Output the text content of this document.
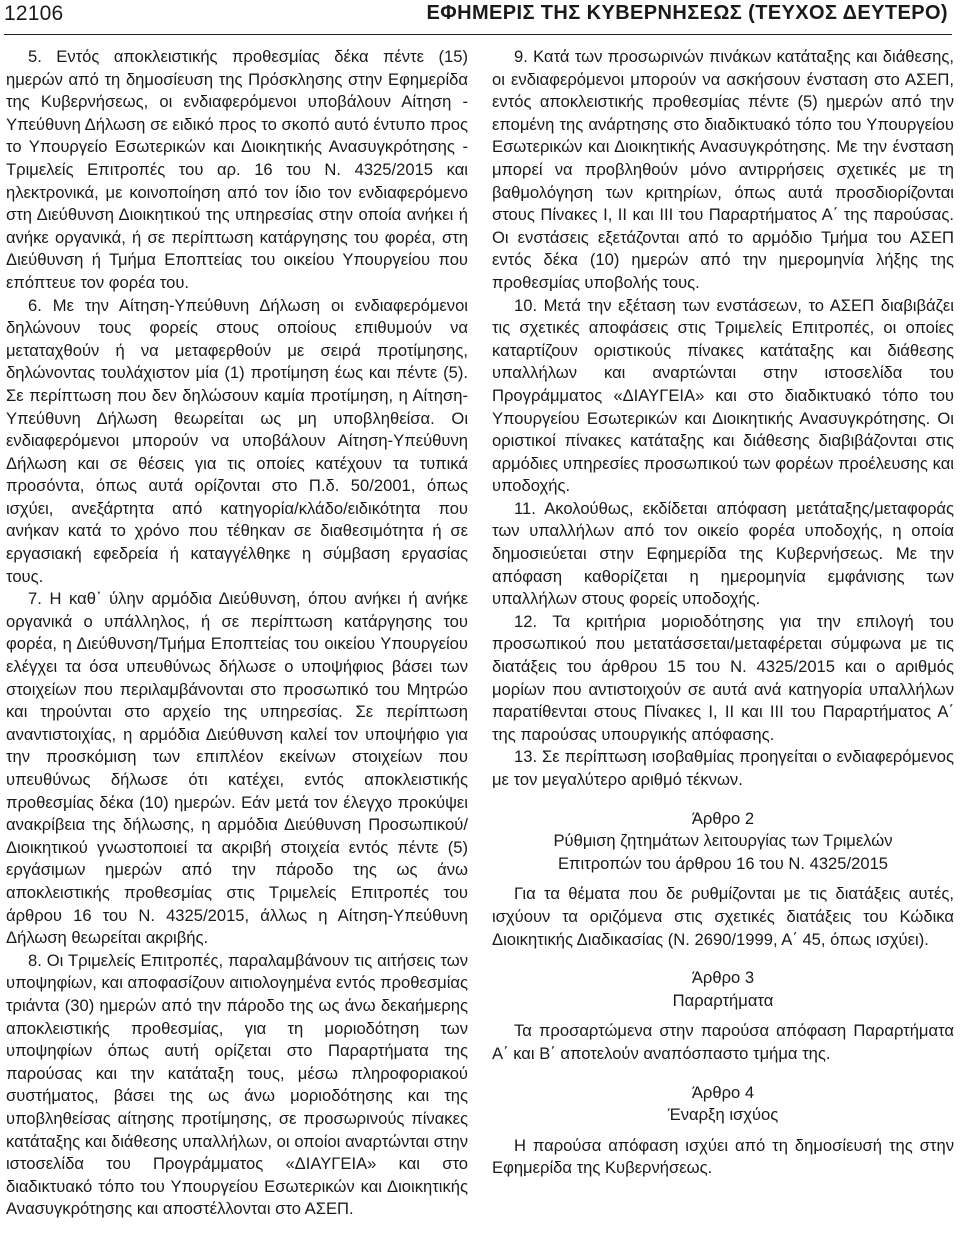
12106	ΕΦΗΜΕΡΙΣ ΤΗΣ ΚΥΒΕΡΝΗΣΕΩΣ (ΤΕΥΧΟΣ ΔΕΥΤΕΡΟ)

5. Εντός αποκλειστικής προθεσμίας δέκα πέντε (15) ημερών από τη δημοσίευση της Πρόσκλησης στην Εφημερίδα της Κυβερνήσεως, οι ενδιαφερόμενοι υποβάλουν Αίτηση - Υπεύθυνη Δήλωση σε ειδικό προς το σκοπό αυτό έντυπο προς το Υπουργείο Εσωτερικών και Διοικητικής Ανασυγκρότησης - Τριμελείς Επιτροπές του αρ. 16 του Ν. 4325/2015 και ηλεκτρονικά, με κοινοποίηση από τον ίδιο τον ενδιαφερόμενο στη Διεύθυνση Διοικητικού της υπηρεσίας στην οποία ανήκει ή ανήκε οργανικά, ή σε περίπτωση κατάργησης του φορέα, στη Διεύθυνση ή Τμήμα Εποπτείας του οικείου Υπουργείου που επόπτευε τον φορέα του.

6. Με την Αίτηση-Υπεύθυνη Δήλωση οι ενδιαφερόμενοι δηλώνουν τους φορείς στους οποίους επιθυμούν να μεταταχθούν ή να μεταφερθούν με σειρά προτίμησης, δηλώνοντας τουλάχιστον μία (1) προτίμηση έως και πέντε (5). Σε περίπτωση που δεν δηλώσουν καμία προτίμηση, η Αίτηση-Υπεύθυνη Δήλωση θεωρείται ως μη υποβληθείσα. Οι ενδιαφερόμενοι μπορούν να υποβάλουν Αίτηση-Υπεύθυνη Δήλωση και σε θέσεις για τις οποίες κατέχουν τα τυπικά προσόντα, όπως αυτά ορίζονται στο Π.δ. 50/2001, όπως ισχύει, ανεξάρτητα από κατηγορία/κλάδο/ειδικότητα που ανήκαν κατά το χρόνο που τέθηκαν σε διαθεσιμότητα ή σε εργασιακή εφεδρεία ή καταγγέλθηκε η σύμβαση εργασίας τους.

7. Η καθ᾽ ύλην αρμόδια Διεύθυνση, όπου ανήκει ή ανήκε οργανικά ο υπάλληλος, ή σε περίπτωση κατάργησης του φορέα, η Διεύθυνση/Τμήμα Εποπτείας του οικείου Υπουργείου ελέγχει τα όσα υπευθύνως δήλωσε ο υποψήφιος βάσει των στοιχείων που περιλαμβάνονται στο προσωπικό του Μητρώο και τηρούνται στο αρχείο της υπηρεσίας. Σε περίπτωση αναντιστοιχίας, η αρμόδια Διεύθυνση καλεί τον υποψήφιο για την προσκόμιση των επιπλέον εκείνων στοιχείων που υπευθύνως δήλωσε ότι κατέχει, εντός αποκλειστικής προθεσμίας δέκα (10) ημερών. Εάν μετά τον έλεγχο προκύψει ανακρίβεια της δήλωσης, η αρμόδια Διεύθυνση Προσωπικού/Διοικητικού γνωστοποιεί τα ακριβή στοιχεία εντός πέντε (5) εργάσιμων ημερών από την πάροδο της ως άνω αποκλειστικής προθεσμίας στις Τριμελείς Επιτροπές του άρθρου 16 του Ν. 4325/2015, άλλως η Αίτηση-Υπεύθυνη Δήλωση θεωρείται ακριβής.

8. Οι Τριμελείς Επιτροπές, παραλαμβάνουν τις αιτήσεις των υποψηφίων, και αποφασίζουν αιτιολογημένα εντός προθεσμίας τριάντα (30) ημερών από την πάροδο της ως άνω δεκαήμερης αποκλειστικής προθεσμίας, για τη μοριοδότηση των υποψηφίων όπως αυτή ορίζεται στο Παραρτήματα της παρούσας και την κατάταξη τους, μέσω πληροφοριακού συστήματος, βάσει της ως άνω μοριοδότησης και της υποβληθείσας αίτησης προτίμησης, σε προσωρινούς πίνακες κατάταξης και διάθεσης υπαλλήλων, οι οποίοι αναρτώνται στην ιστοσελίδα του Προγράμματος «ΔΙΑΥΓΕΙΑ» και στο διαδικτυακό τόπο του Υπουργείου Εσωτερικών και Διοικητικής Ανασυγκρότησης και αποστέλλονται στο ΑΣΕΠ.

9. Κατά των προσωρινών πινάκων κατάταξης και διάθεσης, οι ενδιαφερόμενοι μπορούν να ασκήσουν ένσταση στο ΑΣΕΠ, εντός αποκλειστικής προθεσμίας πέντε (5) ημερών από την επομένη της ανάρτησης στο διαδικτυακό τόπο του Υπουργείου Εσωτερικών και Διοικητικής Ανασυγκρότησης. Με την ένσταση μπορεί να προβληθούν μόνο αντιρρήσεις σχετικές με τη βαθμολόγηση των κριτηρίων, όπως αυτά προσδιορίζονται στους Πίνακες Ι, ΙΙ και ΙΙΙ του Παραρτήματος Α΄ της παρούσας. Οι ενστάσεις εξετάζονται από το αρμόδιο Τμήμα του ΑΣΕΠ εντός δέκα (10) ημερών από την ημερομηνία λήξης της προθεσμίας υποβολής τους.

10. Μετά την εξέταση των ενστάσεων, το ΑΣΕΠ διαβιβάζει τις σχετικές αποφάσεις στις Τριμελείς Επιτροπές, οι οποίες καταρτίζουν οριστικούς πίνακες κατάταξης και διάθεσης υπαλλήλων και αναρτώνται στην ιστοσελίδα του Προγράμματος «ΔΙΑΥΓΕΙΑ» και στο διαδικτυακό τόπο του Υπουργείου Εσωτερικών και Διοικητικής Ανασυγκρότησης. Οι οριστικοί πίνακες κατάταξης και διάθεσης διαβιβάζονται στις αρμόδιες υπηρεσίες προσωπικού των φορέων προέλευσης και υποδοχής.

11. Ακολούθως, εκδίδεται απόφαση μετάταξης/μεταφοράς των υπαλλήλων από τον οικείο φορέα υποδοχής, η οποία δημοσιεύεται στην Εφημερίδα της Κυβερνήσεως. Με την απόφαση καθορίζεται η ημερομηνία εμφάνισης των υπαλλήλων στους φορείς υποδοχής.

12. Τα κριτήρια μοριοδότησης για την επιλογή του προσωπικού που μετατάσσεται/μεταφέρεται σύμφωνα με τις διατάξεις του άρθρου 15 του Ν. 4325/2015 και ο αριθμός μορίων που αντιστοιχούν σε αυτά ανά κατηγορία υπαλλήλων παρατίθενται στους Πίνακες Ι, ΙΙ και ΙΙΙ του Παραρτήματος Α΄ της παρούσας υπουργικής απόφασης.

13. Σε περίπτωση ισοβαθμίας προηγείται ο ενδιαφερόμενος με τον μεγαλύτερο αριθμό τέκνων.

Άρθρο 2
Ρύθμιση ζητημάτων λειτουργίας των Τριμελών
Επιτροπών του άρθρου 16 του Ν. 4325/2015

Για τα θέματα που δε ρυθμίζονται με τις διατάξεις αυτές, ισχύουν τα οριζόμενα στις σχετικές διατάξεις του Κώδικα Διοικητικής Διαδικασίας (Ν. 2690/1999, Α΄ 45, όπως ισχύει).

Άρθρο 3
Παραρτήματα

Τα προσαρτώμενα στην παρούσα απόφαση Παραρτήματα Α΄ και Β΄ αποτελούν αναπόσπαστο τμήμα της.

Άρθρο 4
Έναρξη ισχύος

Η παρούσα απόφαση ισχύει από τη δημοσίευσή της στην Εφημερίδα της Κυβερνήσεως.
